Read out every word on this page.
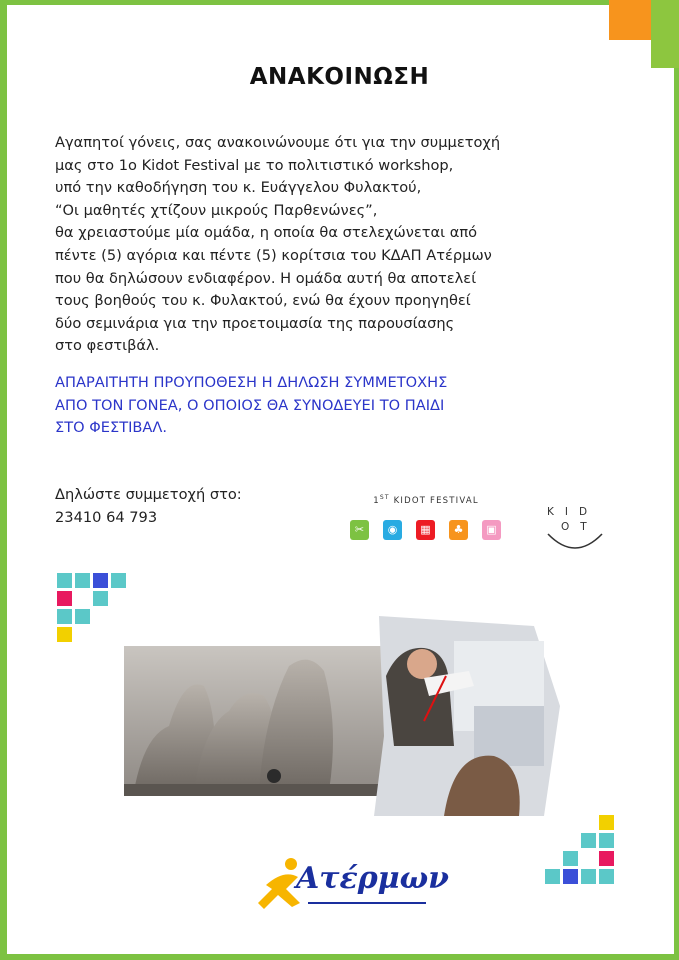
ΑΝΑΚΟΙΝΩΣΗ
Αγαπητοί γόνεις, σας ανακοινώνουμε ότι για την συμμετοχή
μας στο 1ο Kidot Festival με το πολιτιστικό workshop,
υπό την καθοδήγηση του κ. Ευάγγελου Φυλακτού,
“Οι μαθητές χτίζουν μικρούς Παρθενώνες”,
θα χρειαστούμε μία ομάδα, η οποία θα στελεχώνεται από
πέντε (5) αγόρια και πέντε (5) κορίτσια του ΚΔΑΠ Ατέρμων
που θα δηλώσουν ενδιαφέρον. Η ομάδα αυτή θα αποτελεί
τους βοηθούς του κ. Φυλακτού, ενώ θα έχουν προηγηθεί
δύο σεμινάρια για την προετοιμασία της παρουσίασης
στο φεστιβάλ.
ΑΠΑΡΑΙΤΗΤΗ ΠΡΟΥΠΟΘΕΣΗ Η ΔΗΛΩΣΗ ΣΥΜΜΕΤΟΧΗΣ
ΑΠΟ ΤΟΝ ΓΟΝΕΑ, Ο ΟΠΟΙΟΣ ΘΑ ΣΥΝΟΔΕΥΕΙ ΤΟ ΠΑΙΔΙ
ΣΤΟ ΦΕΣΤΙΒΑΛ.
Δηλώστε συμμετοχή στο:
23410 64 793
1ST KIDOT FESTIVAL
✂	◉	▦	♣	▣
KID
OT
Ατέρμων
